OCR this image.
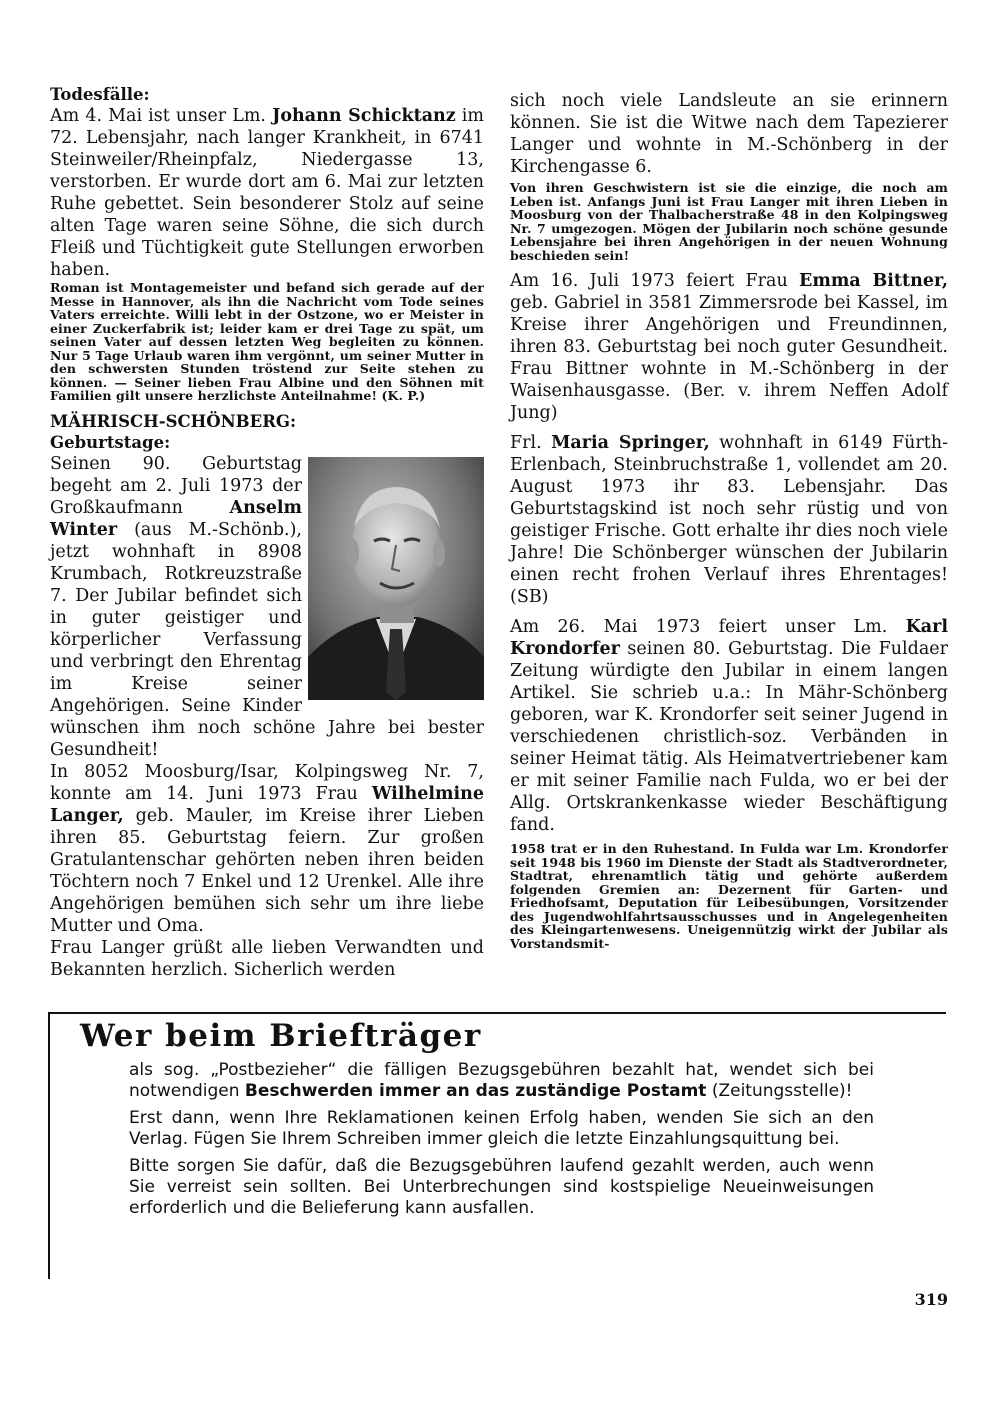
Todesfälle:

Am 4. Mai ist unser Lm. Johann Schicktanz im 72. Lebensjahr, nach langer Krankheit, in 6741 Steinweiler/Rheinpfalz, Niedergasse 13, verstorben. Er wurde dort am 6. Mai zur letzten Ruhe gebettet. Sein besonderer Stolz auf seine alten Tage waren seine Söhne, die sich durch Fleiß und Tüchtigkeit gute Stellungen erworben haben.

Roman ist Montagemeister und befand sich gerade auf der Messe in Hannover, als ihn die Nachricht vom Tode seines Vaters erreichte. Willi lebt in der Ostzone, wo er Meister in einer Zuckerfabrik ist; leider kam er drei Tage zu spät, um seinen Vater auf dessen letzten Weg begleiten zu können. Nur 5 Tage Urlaub waren ihm vergönnt, um seiner Mutter in den schwersten Stunden tröstend zur Seite stehen zu können. — Seiner lieben Frau Albine und den Söhnen mit Familien gilt unsere herzlichste Anteilnahme! (K. P.)

MÄHRISCH-SCHÖNBERG:

Geburtstage:

Seinen 90. Geburtstag begeht am 2. Juli 1973 der Großkaufmann Anselm Winter (aus M.-Schönb.), jetzt wohnhaft in 8908 Krumbach, Rotkreuzstraße 7. Der Jubilar befindet sich in guter geistiger und körperlicher Verfassung und verbringt den Ehrentag im Kreise seiner Angehörigen. Seine Kinder wünschen ihm noch schöne Jahre bei bester Gesundheit!

In 8052 Moosburg/Isar, Kolpingsweg Nr. 7, konnte am 14. Juni 1973 Frau Wilhelmine Langer, geb. Mauler, im Kreise ihrer Lieben ihren 85. Geburtstag feiern. Zur großen Gratulantenschar gehörten neben ihren beiden Töchtern noch 7 Enkel und 12 Urenkel. Alle ihre Angehörigen bemühen sich sehr um ihre liebe Mutter und Oma.

Frau Langer grüßt alle lieben Verwandten und Bekannten herzlich. Sicherlich werden

sich noch viele Landsleute an sie erinnern können. Sie ist die Witwe nach dem Tapezierer Langer und wohnte in M.-Schönberg in der Kirchengasse 6.

Von ihren Geschwistern ist sie die einzige, die noch am Leben ist. Anfangs Juni ist Frau Langer mit ihren Lieben in Moosburg von der Thalbacherstraße 48 in den Kolpingsweg Nr. 7 umgezogen. Mögen der Jubilarin noch schöne gesunde Lebensjahre bei ihren Angehörigen in der neuen Wohnung beschieden sein!

Am 16. Juli 1973 feiert Frau Emma Bittner, geb. Gabriel in 3581 Zimmersrode bei Kassel, im Kreise ihrer Angehörigen und Freundinnen, ihren 83. Geburtstag bei noch guter Gesundheit. Frau Bittner wohnte in M.-Schönberg in der Waisenhausgasse. (Ber. v. ihrem Neffen Adolf Jung)

Frl. Maria Springer, wohnhaft in 6149 Fürth-Erlenbach, Steinbruchstraße 1, vollendet am 20. August 1973 ihr 83. Lebensjahr. Das Geburtstagskind ist noch sehr rüstig und von geistiger Frische. Gott erhalte ihr dies noch viele Jahre! Die Schönberger wünschen der Jubilarin einen recht frohen Verlauf ihres Ehrentages! (SB)

Am 26. Mai 1973 feiert unser Lm. Karl Krondorfer seinen 80. Geburtstag. Die Fuldaer Zeitung würdigte den Jubilar in einem langen Artikel. Sie schrieb u.a.: In Mähr-Schönberg geboren, war K. Krondorfer seit seiner Jugend in verschiedenen christlich-soz. Verbänden in seiner Heimat tätig. Als Heimatvertriebener kam er mit seiner Familie nach Fulda, wo er bei der Allg. Ortskrankenkasse wieder Beschäftigung fand.

1958 trat er in den Ruhestand. In Fulda war Lm. Krondorfer seit 1948 bis 1960 im Dienste der Stadt als Stadtverordneter, Stadtrat, ehrenamtlich tätig und gehörte außerdem folgenden Gremien an: Dezernent für Garten- und Friedhofsamt, Deputation für Leibesübungen, Vorsitzender des Jugendwohlfahrtsausschusses und in Angelegenheiten des Kleingartenwesens. Uneigennützig wirkt der Jubilar als Vorstandsmit-

Wer beim Briefträger

als sog. „Postbezieher“ die fälligen Bezugsgebühren bezahlt hat, wendet sich bei notwendigen Beschwerden immer an das zuständige Postamt (Zeitungsstelle)!

Erst dann, wenn Ihre Reklamationen keinen Erfolg haben, wenden Sie sich an den Verlag. Fügen Sie Ihrem Schreiben immer gleich die letzte Einzahlungsquittung bei.

Bitte sorgen Sie dafür, daß die Bezugsgebühren laufend gezahlt werden, auch wenn Sie verreist sein sollten. Bei Unterbrechungen sind kostspielige Neueinweisungen erforderlich und die Belieferung kann ausfallen.

319
